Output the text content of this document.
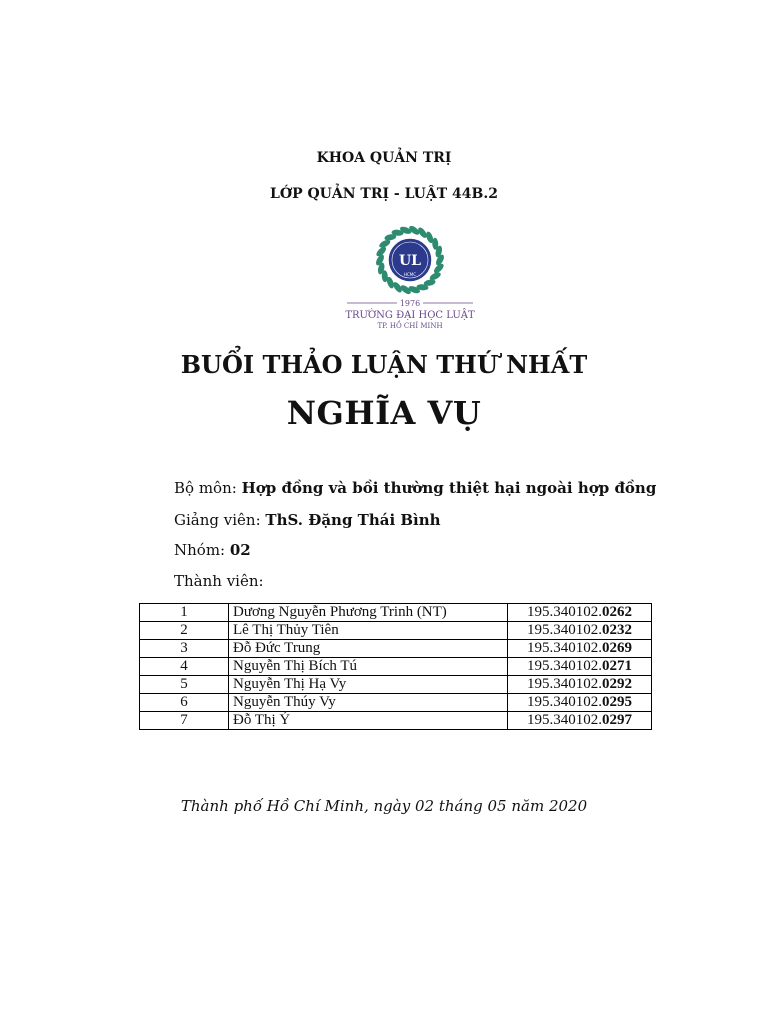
KHOA QUẢN TRỊ
LỚP QUẢN TRỊ - LUẬT 44B.2
UL
HCMC
1976
TRƯỜNG ĐẠI HỌC LUẬT
TP. HỒ CHÍ MINH
BUỔI THẢO LUẬN THỨ NHẤT
NGHĨA VỤ
Bộ môn: Hợp đồng và bồi thường thiệt hại ngoài hợp đồng
Giảng viên: ThS. Đặng Thái Bình
Nhóm: 02
Thành viên:
1	Dương Nguyễn Phương Trinh (NT)	195.340102.0262
2	Lê Thị Thủy Tiên	195.340102.0232
3	Đỗ Đức Trung	195.340102.0269
4	Nguyễn Thị Bích Tú	195.340102.0271
5	Nguyễn Thị Hạ Vy	195.340102.0292
6	Nguyễn Thúy Vy	195.340102.0295
7	Đỗ Thị Ý	195.340102.0297
Thành phố Hồ Chí Minh, ngày 02 tháng 05 năm 2020
